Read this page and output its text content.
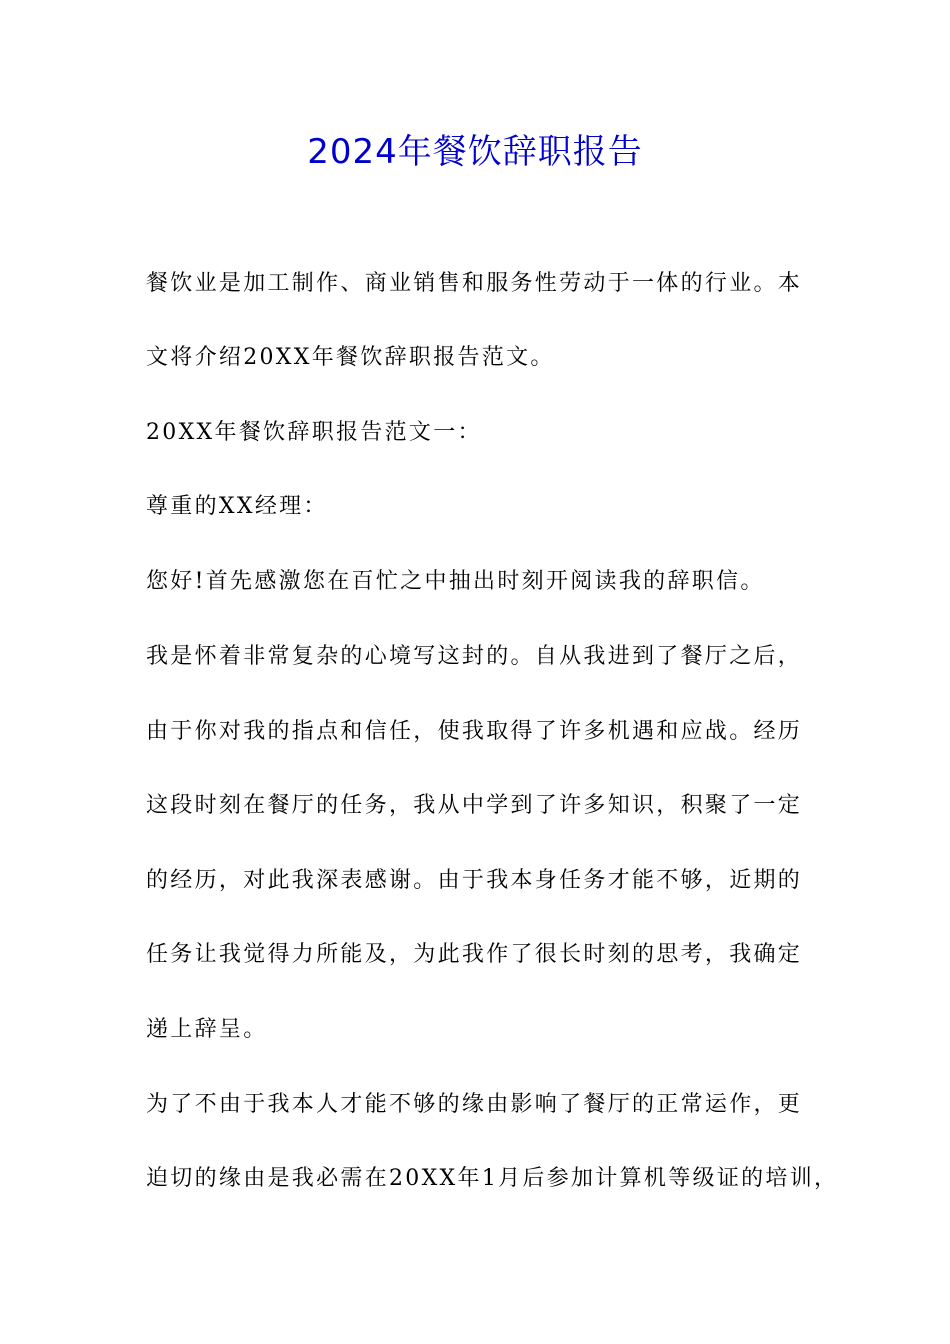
2024年餐饮辞职报告
餐饮业是加工制作、商业销售和服务性劳动于一体的行业。本
文将介绍20XX年餐饮辞职报告范文。
20XX年餐饮辞职报告范文一：
尊重的XX经理：
您好!首先感激您在百忙之中抽出时刻开阅读我的辞职信。
我是怀着非常复杂的心境写这封的。自从我进到了餐厅之后，
由于你对我的指点和信任，使我取得了许多机遇和应战。经历
这段时刻在餐厅的任务，我从中学到了许多知识，积聚了一定
的经历，对此我深表感谢。由于我本身任务才能不够，近期的
任务让我觉得力所能及，为此我作了很长时刻的思考，我确定
递上辞呈。
为了不由于我本人才能不够的缘由影响了餐厅的正常运作，更
迫切的缘由是我必需在20XX年1月后参加计算机等级证的培训，
